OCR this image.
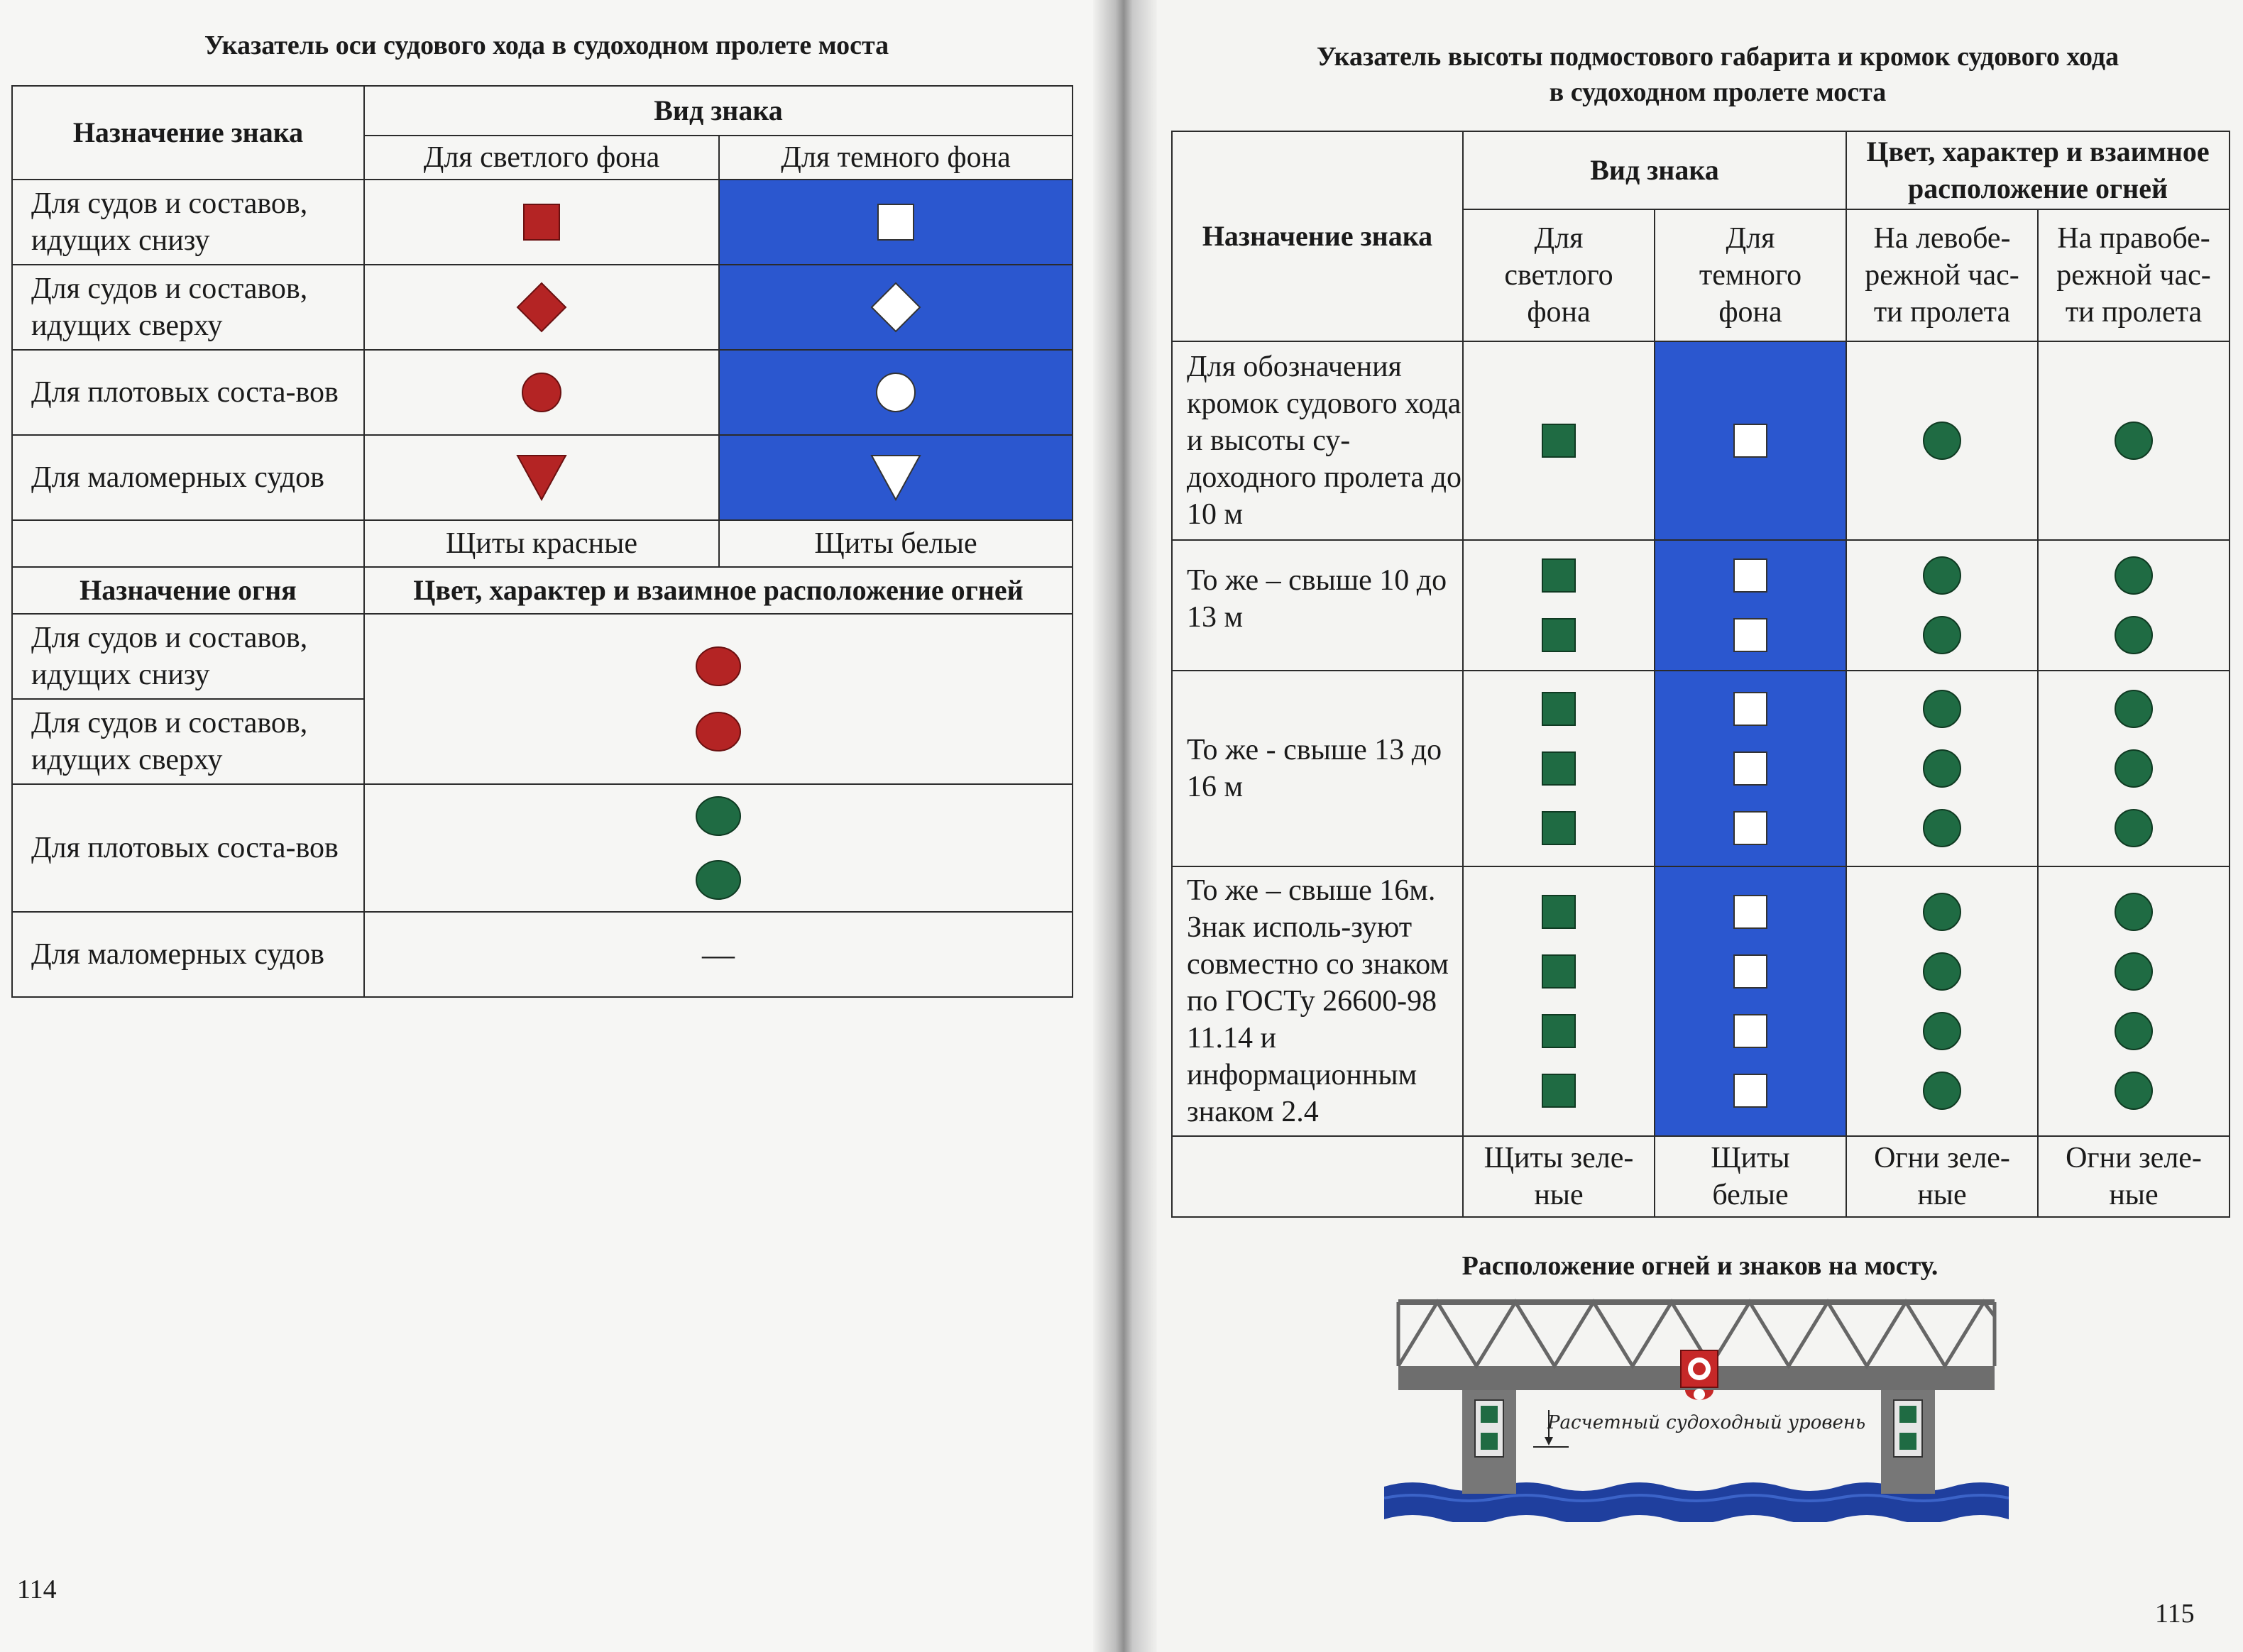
Указатель оси судового хода в судоходном пролете моста
Назначение знака	Вид знака	
	Для светлого фона	Для темного фона
Для судов и составов, идущих снизу	

Для судов и составов, идущих сверху	

Для плотовых соста-вов	

Для маломерных судов	

	Щиты красные	Щиты белые
Назначение огня	Цвет, характер и взаимное расположение огней	
Для судов и составов, идущих снизу	

Для судов и составов, идущих сверху		
Для плотовых соста-вов	

Для маломерных судов	—	
114
Указатель высоты подмостового габарита и кромок судового хода
в судоходном пролете моста
Назначение знака	Вид знака		Цвет, характер и взаимное расположение огней	
	Для светлого фона	Для темного фона	На левобе-режной час-ти пролета	На правобе-режной час-ти пролета
Для обозначения кромок судового хода и высоты су-доходного пролета до 10 м	

То же – свыше 10 до 13 м	

То же - свыше 13 до 16 м	

То же – свыше 16м. Знак исполь-зуют совместно со знаком по ГОСТу 26600-98 11.14 и информационным знаком 2.4	

	Щиты зеле-ные	Щиты белые	Огни зеле-ные	Огни зеле-ные
Расположение огней и знаков на мосту.
Расчетный судоходный уровень
115
